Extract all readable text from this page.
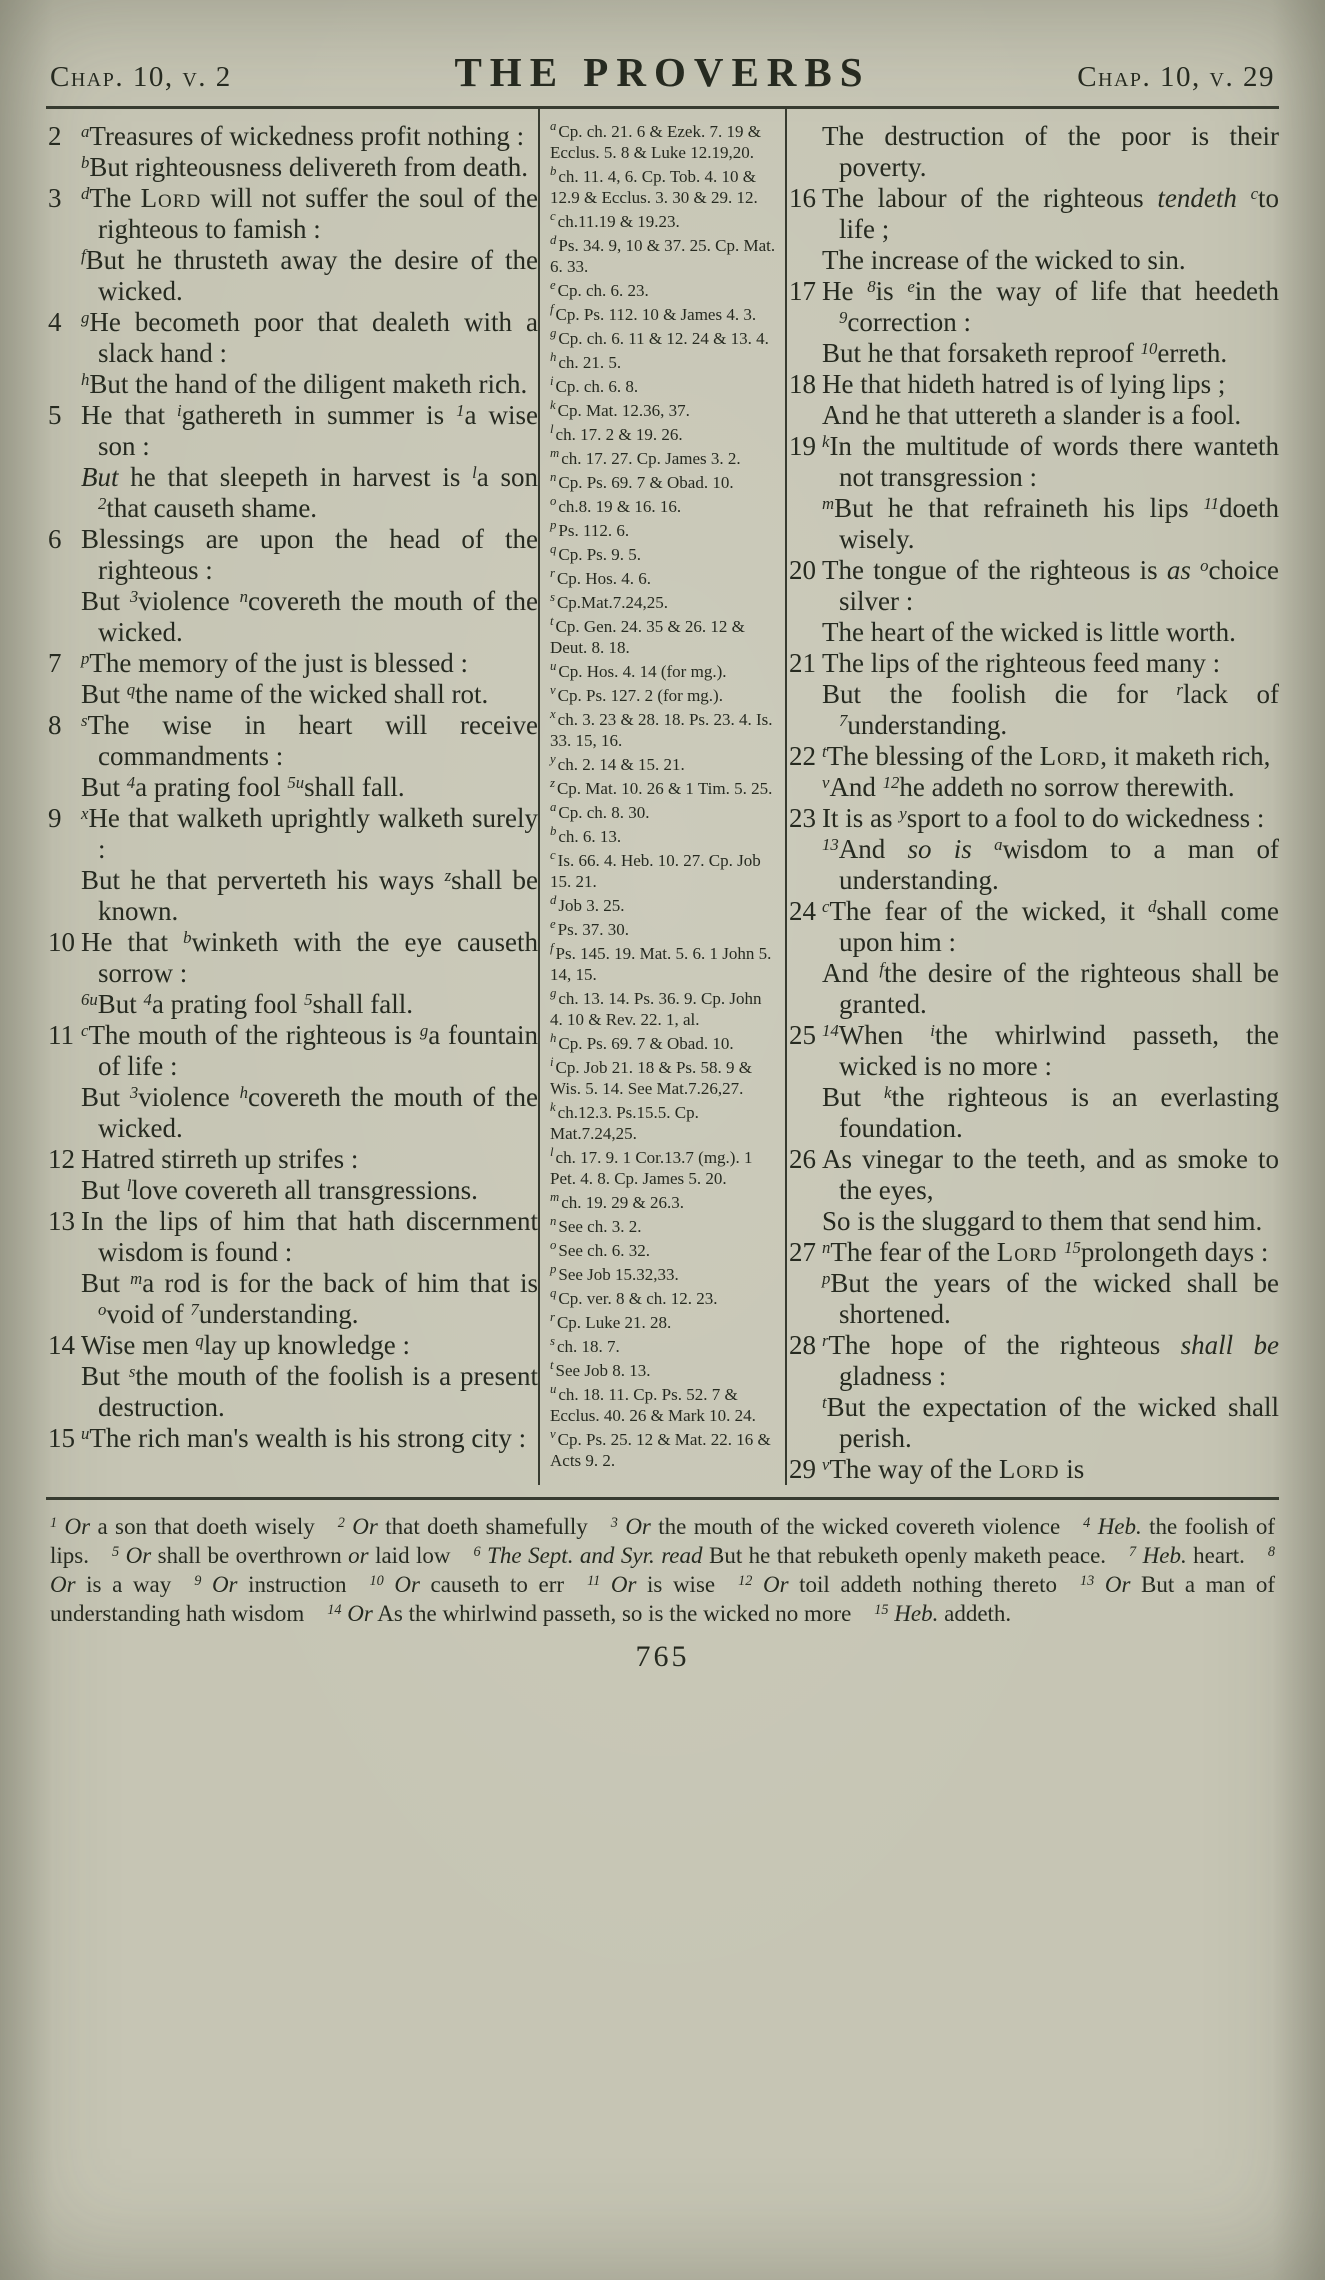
Chap. 10, v. 2	THE PROVERBS	Chap. 10, v. 29

2 $^a$Treasures of wickedness profit nothing :

$^b$But righteousness delivereth from death.

3 $^d$The Lord will not suffer the soul of the righteous to famish :

$^f$But he thrusteth away the desire of the wicked.

4 $^g$He becometh poor that dealeth with a slack hand :

$^h$But the hand of the diligent maketh rich.

5 He that $^i$gathereth in summer is $^1$a wise son :

But he that sleepeth in harvest is $^l$a son $^2$that causeth shame.

6 Blessings are upon the head of the righteous :

But $^3$violence $^n$covereth the mouth of the wicked.

7 $^p$The memory of the just is blessed :

But $^q$the name of the wicked shall rot.

8 $^s$The wise in heart will receive commandments :

But $^4$a prating fool $^{5u}$shall fall.

9 $^x$He that walketh uprightly walketh surely :

But he that perverteth his ways $^z$shall be known.

10 He that $^b$winketh with the eye causeth sorrow :

$^{6u}$But $^4$a prating fool $^5$shall fall.

11 $^c$The mouth of the righteous is $^g$a fountain of life :

But $^3$violence $^h$covereth the mouth of the wicked.

12 Hatred stirreth up strifes :

But $^l$love covereth all transgressions.

13 In the lips of him that hath discernment wisdom is found :

But $^m$a rod is for the back of him that is $^o$void of $^7$understanding.

14 Wise men $^q$lay up knowledge :

But $^s$the mouth of the foolish is a present destruction.

15 $^u$The rich man's wealth is his strong city :

$^a$ Cp. ch. 21. 6 & Ezek. 7. 19 & Ecclus. 5. 8 & Luke 12.19,20.

$^b$ ch. 11. 4, 6. Cp. Tob. 4. 10 & 12.9 & Ecclus. 3. 30 & 29. 12.

$^c$ ch.11.19 & 19.23.

$^d$ Ps. 34. 9, 10 & 37. 25. Cp. Mat. 6. 33.

$^e$ Cp. ch. 6. 23.

$^f$ Cp. Ps. 112. 10 & James 4. 3.

$^g$ Cp. ch. 6. 11 & 12. 24 & 13. 4.

$^h$ ch. 21. 5.

$^i$ Cp. ch. 6. 8.

$^k$ Cp. Mat. 12.36, 37.

$^l$ ch. 17. 2 & 19. 26.

$^m$ ch. 17. 27. Cp. James 3. 2.

$^n$ Cp. Ps. 69. 7 & Obad. 10.

$^o$ ch.8. 19 & 16. 16.

$^p$ Ps. 112. 6.

$^q$ Cp. Ps. 9. 5.

$^r$ Cp. Hos. 4. 6.

$^s$ Cp.Mat.7.24,25.

$^t$ Cp. Gen. 24. 35 & 26. 12 & Deut. 8. 18.

$^u$ Cp. Hos. 4. 14 (for mg.).

$^v$ Cp. Ps. 127. 2 (for mg.).

$^x$ ch. 3. 23 & 28. 18. Ps. 23. 4. Is. 33. 15, 16.

$^y$ ch. 2. 14 & 15. 21.

$^z$ Cp. Mat. 10. 26 & 1 Tim. 5. 25.

$^a$ Cp. ch. 8. 30.

$^b$ ch. 6. 13.

$^c$ Is. 66. 4. Heb. 10. 27. Cp. Job 15. 21.

$^d$ Job 3. 25.

$^e$ Ps. 37. 30.

$^f$ Ps. 145. 19. Mat. 5. 6. 1 John 5. 14, 15.

$^g$ ch. 13. 14. Ps. 36. 9. Cp. John 4. 10 & Rev. 22. 1, al.

$^h$ Cp. Ps. 69. 7 & Obad. 10.

$^i$ Cp. Job 21. 18 & Ps. 58. 9 & Wis. 5. 14. See Mat.7.26,27.

$^k$ ch.12.3. Ps.15.5. Cp. Mat.7.24,25.

$^l$ ch. 17. 9. 1 Cor.13.7 (mg.). 1 Pet. 4. 8. Cp. James 5. 20.

$^m$ ch. 19. 29 & 26.3.

$^n$ See ch. 3. 2.

$^o$ See ch. 6. 32.

$^p$ See Job 15.32,33.

$^q$ Cp. ver. 8 & ch. 12. 23.

$^r$ Cp. Luke 21. 28.

$^s$ ch. 18. 7.

$^t$ See Job 8. 13.

$^u$ ch. 18. 11. Cp. Ps. 52. 7 & Ecclus. 40. 26 & Mark 10. 24.

$^v$ Cp. Ps. 25. 12 & Mat. 22. 16 & Acts 9. 2.

The destruction of the poor is their poverty.

16 The labour of the righteous tendeth $^c$to life ;

The increase of the wicked to sin.

17 He $^8$is $^e$in the way of life that heedeth $^9$correction :

But he that forsaketh reproof $^{10}$erreth.

18 He that hideth hatred is of lying lips ;

And he that uttereth a slander is a fool.

19 $^k$In the multitude of words there wanteth not transgression :

$^m$But he that refraineth his lips $^{11}$doeth wisely.

20 The tongue of the righteous is as $^o$choice silver :

The heart of the wicked is little worth.

21 The lips of the righteous feed many :

But the foolish die for $^r$lack of $^7$understanding.

22 $^t$The blessing of the Lord, it maketh rich,

$^v$And $^{12}$he addeth no sorrow therewith.

23 It is as $^y$sport to a fool to do wickedness :

$^{13}$And so is $^a$wisdom to a man of understanding.

24 $^c$The fear of the wicked, it $^d$shall come upon him :

And $^f$the desire of the righteous shall be granted.

25 $^{14}$When $^i$the whirlwind passeth, the wicked is no more :

But $^k$the righteous is an everlasting foundation.

26 As vinegar to the teeth, and as smoke to the eyes,

So is the sluggard to them that send him.

27 $^n$The fear of the Lord $^{15}$prolongeth days :

$^p$But the years of the wicked shall be shortened.

28 $^r$The hope of the righteous shall be gladness :

$^t$But the expectation of the wicked shall perish.

29 $^v$The way of the Lord is

$^1$ Or a son that doeth wisely $^2$ Or that doeth shamefully $^3$ Or the mouth of the wicked covereth violence $^4$ Heb. the foolish of lips. $^5$ Or shall be overthrown or laid low $^6$ The Sept. and Syr. read But he that rebuketh openly maketh peace. $^7$ Heb. heart. $^8$ Or is a way $^9$ Or instruction $^{10}$ Or causeth to err $^{11}$ Or is wise $^{12}$ Or toil addeth nothing thereto $^{13}$ Or But a man of understanding hath wisdom $^{14}$ Or As the whirlwind passeth, so is the wicked no more $^{15}$ Heb. addeth.
765
